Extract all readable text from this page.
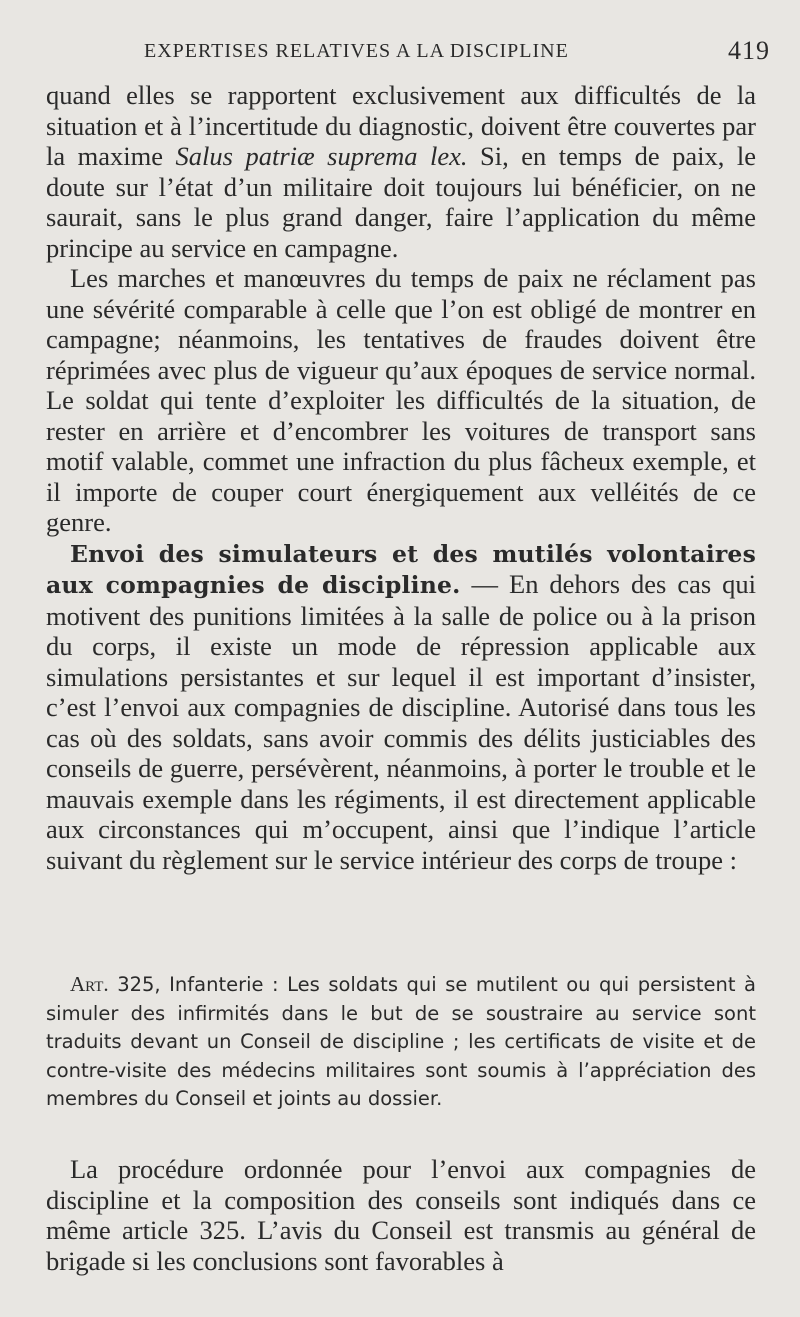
EXPERTISES RELATIVES A LA DISCIPLINE	419

quand elles se rapportent exclusivement aux difficultés de la situation et à l’incertitude du diagnostic, doivent être couvertes par la maxime Salus patriæ suprema lex. Si, en temps de paix, le doute sur l’état d’un militaire doit toujours lui bénéficier, on ne saurait, sans le plus grand danger, faire l’application du même principe au service en campagne.

Les marches et manœuvres du temps de paix ne réclament pas une sévérité comparable à celle que l’on est obligé de montrer en campagne; néanmoins, les tentatives de fraudes doivent être réprimées avec plus de vigueur qu’aux époques de service normal. Le soldat qui tente d’exploiter les difficultés de la situation, de rester en arrière et d’encombrer les voitures de transport sans motif valable, commet une infraction du plus fâcheux exemple, et il importe de couper court énergiquement aux velléités de ce genre.

Envoi des simulateurs et des mutilés volontaires aux compagnies de discipline. — En dehors des cas qui motivent des punitions limitées à la salle de police ou à la prison du corps, il existe un mode de répression applicable aux simulations persistantes et sur lequel il est important d’insister, c’est l’envoi aux compagnies de discipline. Autorisé dans tous les cas où des soldats, sans avoir commis des délits justiciables des conseils de guerre, persévèrent, néanmoins, à porter le trouble et le mauvais exemple dans les régiments, il est directement applicable aux circonstances qui m’occupent, ainsi que l’indique l’article suivant du règlement sur le service intérieur des corps de troupe :

Art. 325, Infanterie : Les soldats qui se mutilent ou qui persistent à simuler des infirmités dans le but de se soustraire au service sont traduits devant un Conseil de discipline ; les certificats de visite et de contre-visite des médecins militaires sont soumis à l’appréciation des membres du Conseil et joints au dossier.

La procédure ordonnée pour l’envoi aux compagnies de discipline et la composition des conseils sont indiqués dans ce même article 325. L’avis du Conseil est transmis au général de brigade si les conclusions sont favorables à
